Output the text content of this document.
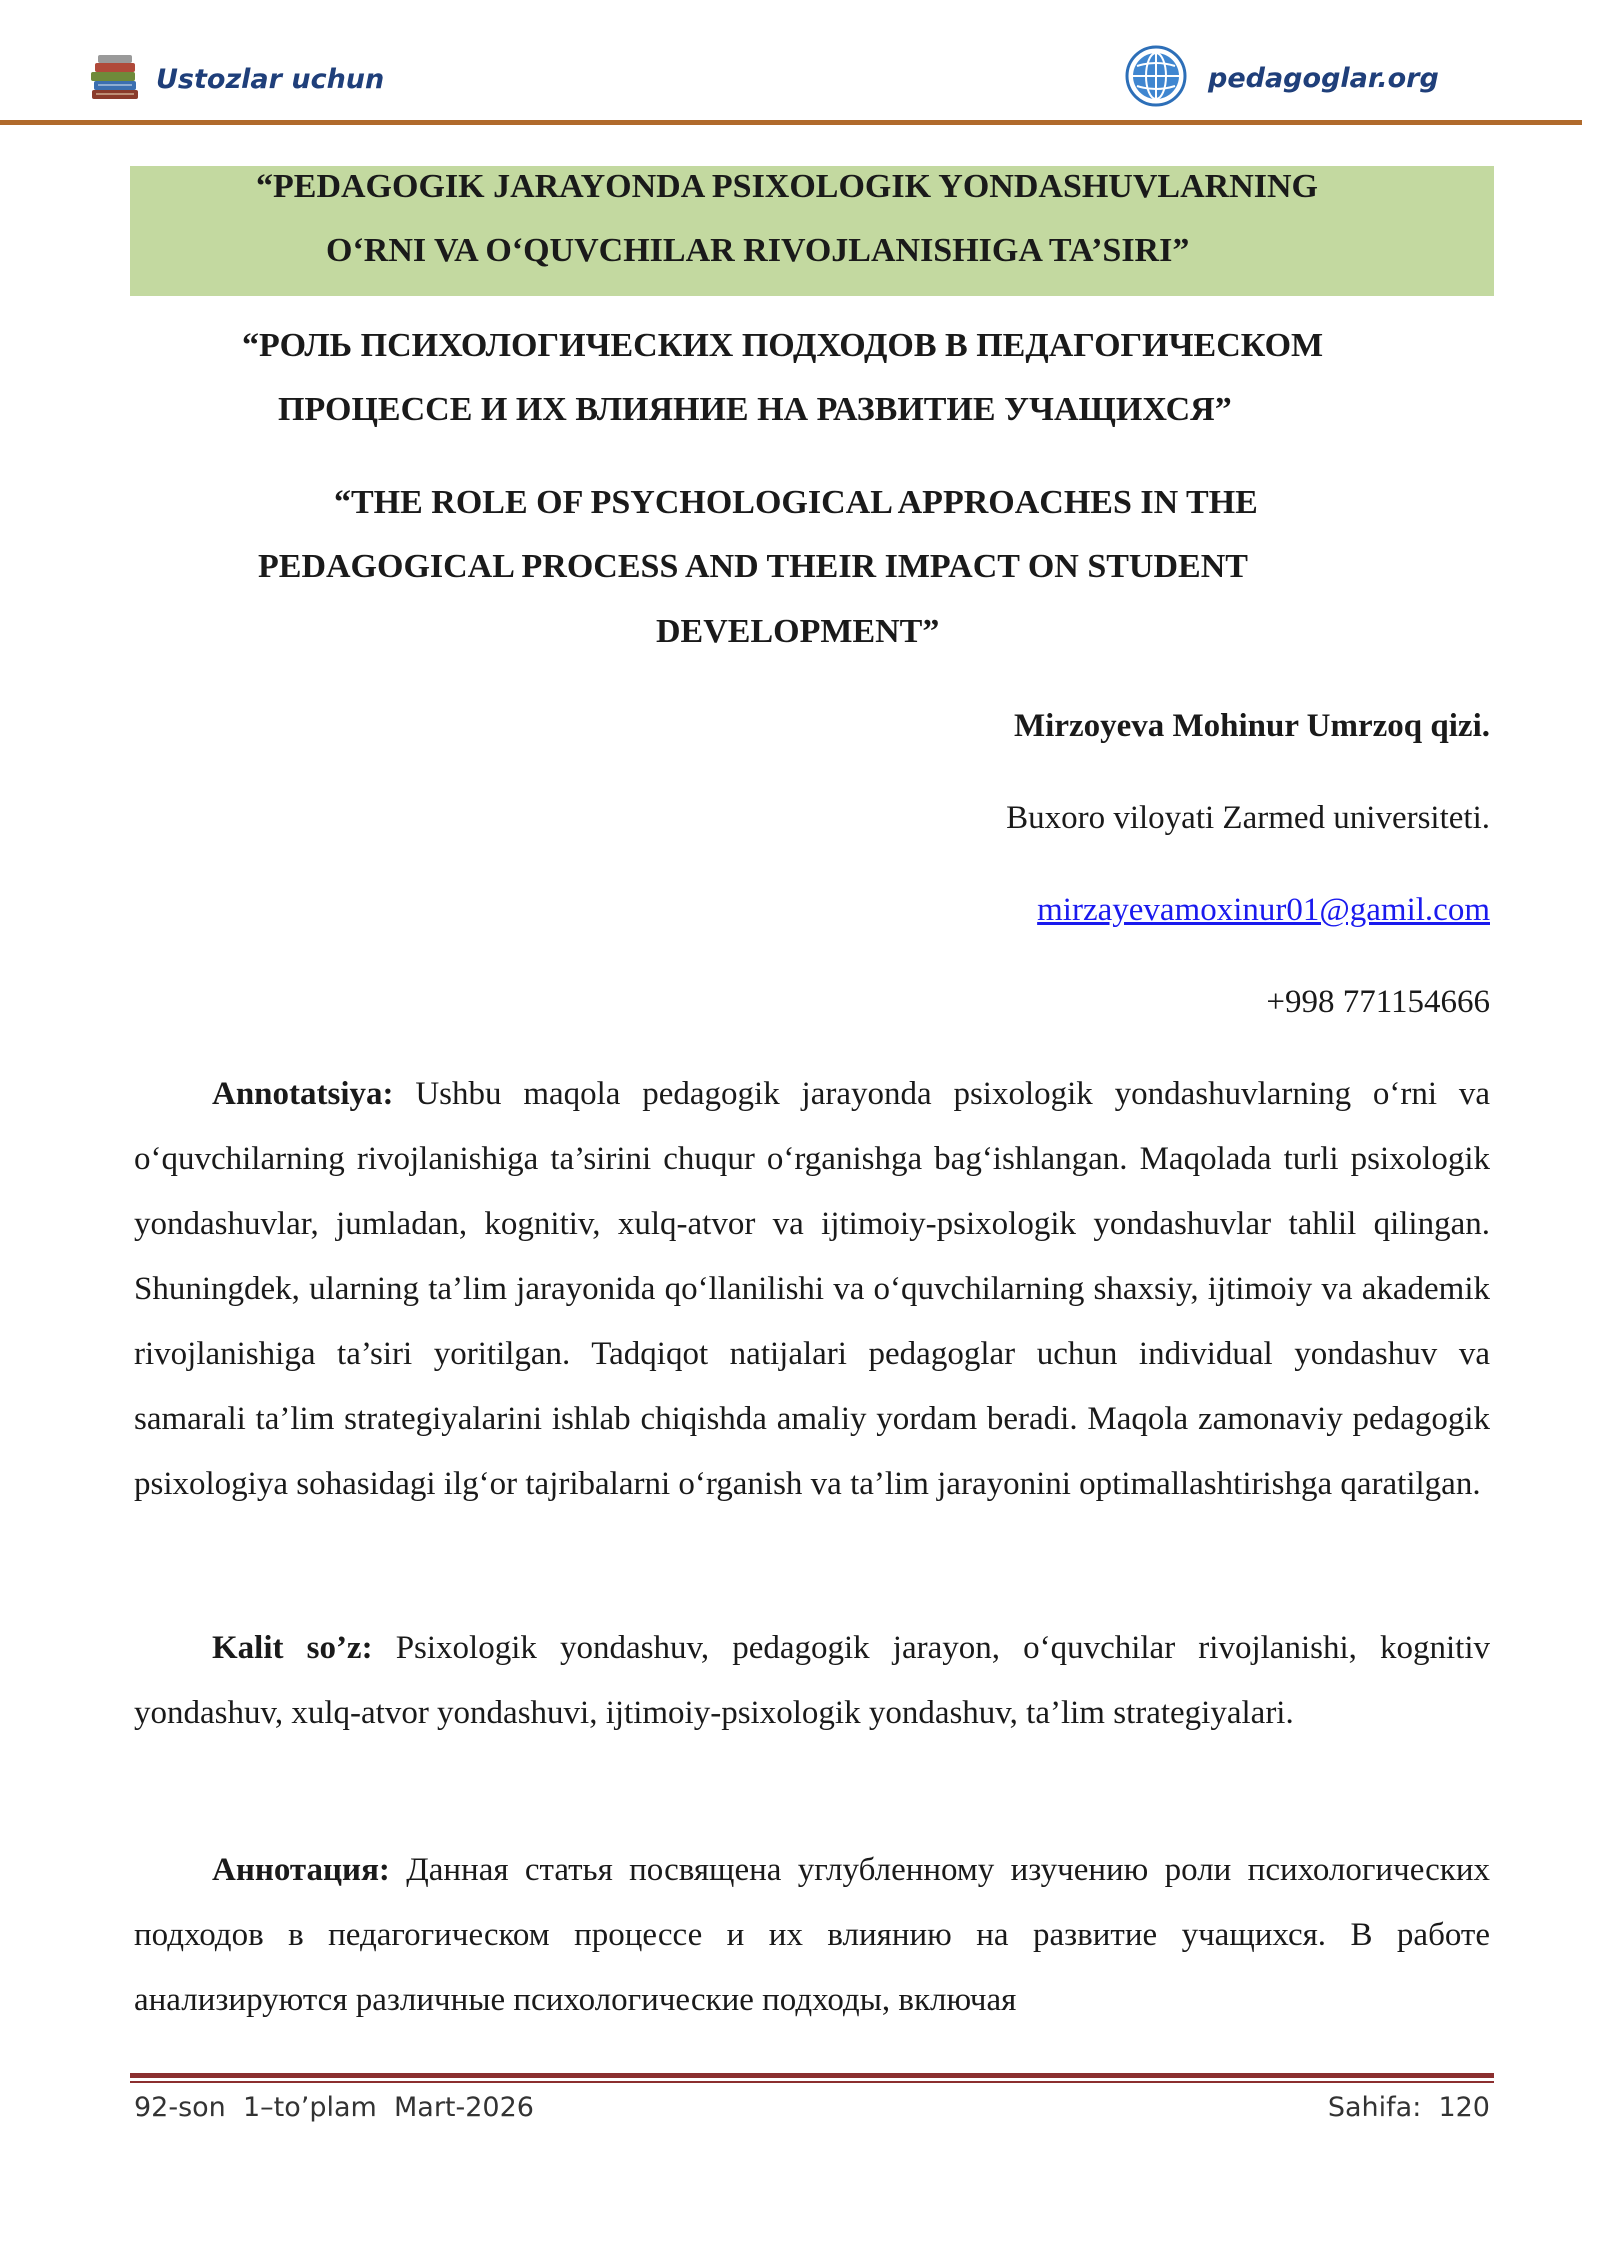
Ustozlar uchun	pedagoglar.org
“PEDAGOGIK JARAYONDA PSIXOLOGIK YONDASHUVLARNING
O‘RNI VA O‘QUVCHILAR RIVOJLANISHIGA TA’SIRI”
“РОЛЬ ПСИХОЛОГИЧЕСКИХ ПОДХОДОВ В ПЕДАГОГИЧЕСКОМ
ПРОЦЕССЕ И ИХ ВЛИЯНИЕ НА РАЗВИТИЕ УЧАЩИХСЯ”
“THE ROLE OF PSYCHOLOGICAL APPROACHES IN THE
PEDAGOGICAL PROCESS AND THEIR IMPACT ON STUDENT
DEVELOPMENT”
Mirzoyeva Mohinur Umrzoq qizi.
Buxoro viloyati Zarmed universiteti.
mirzayevamoxinur01@gamil.com
+998 771154666

Annotatsiya: Ushbu maqola pedagogik jarayonda psixologik yondashuvlarning o‘rni va o‘quvchilarning rivojlanishiga ta’sirini chuqur o‘rganishga bag‘ishlangan. Maqolada turli psixologik yondashuvlar, jumladan, kognitiv, xulq-atvor va ijtimoiy-psixologik yondashuvlar tahlil qilingan. Shuningdek, ularning ta’lim jarayonida qo‘llanilishi va o‘quvchilarning shaxsiy, ijtimoiy va akademik rivojlanishiga ta’siri yoritilgan. Tadqiqot natijalari pedagoglar uchun individual yondashuv va samarali ta’lim strategiyalarini ishlab chiqishda amaliy yordam beradi. Maqola zamonaviy pedagogik psixologiya sohasidagi ilg‘or tajribalarni o‘rganish va ta’lim jarayonini optimallashtirishga qaratilgan.

Kalit so’z: Psixologik yondashuv, pedagogik jarayon, o‘quvchilar rivojlanishi, kognitiv yondashuv, xulq-atvor yondashuvi, ijtimoiy-psixologik yondashuv, ta’lim strategiyalari.

Аннотация: Данная статья посвящена углубленному изучению роли психологических подходов в педагогическом процессе и их влиянию на развитие учащихся. В работе анализируются различные психологические подходы, включая

92-son  1–to’plam  Mart-2026	Sahifa:  120
